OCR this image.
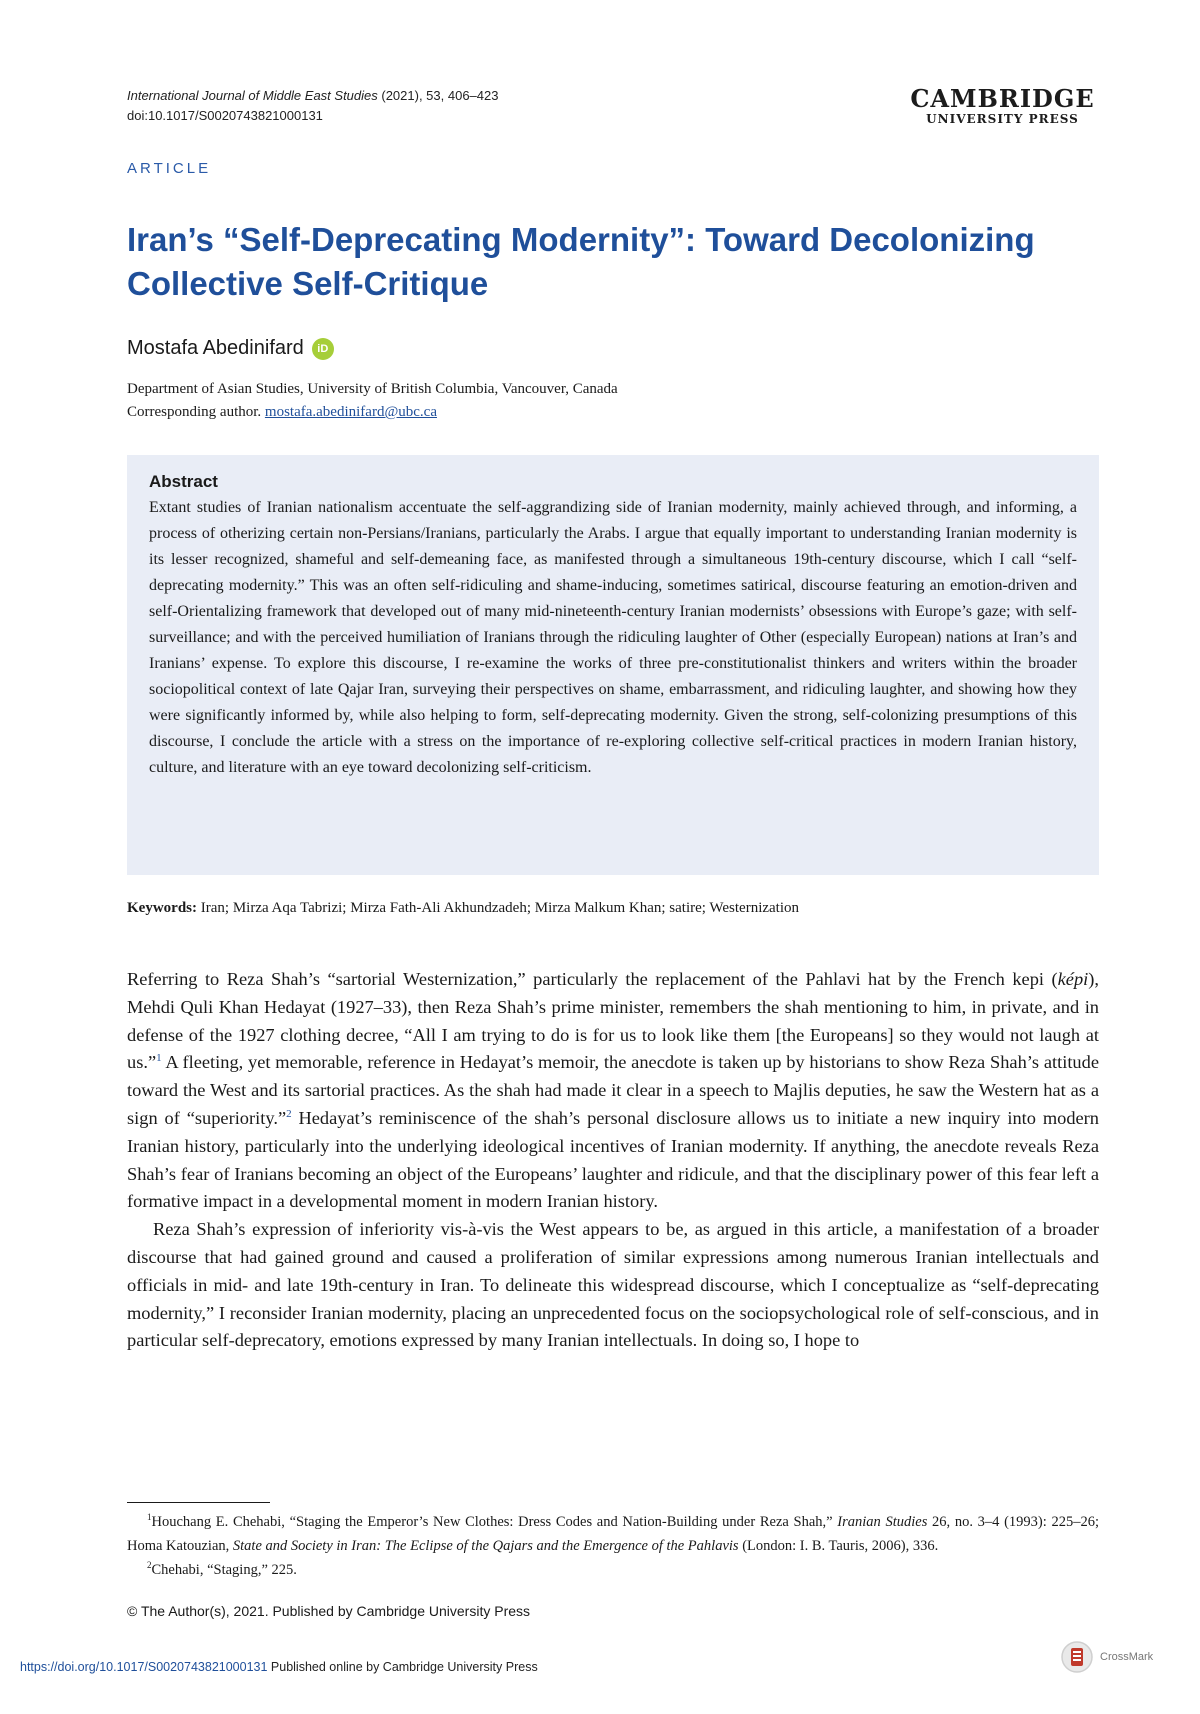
International Journal of Middle East Studies (2021), 53, 406–423
doi:10.1017/S0020743821000131
CAMBRIDGE
UNIVERSITY PRESS
ARTICLE
Iran’s “Self-Deprecating Modernity”: Toward Decolonizing Collective Self-Critique
Mostafa Abedinifard	iD
Department of Asian Studies, University of British Columbia, Vancouver, Canada
Corresponding author. mostafa.abedinifard@ubc.ca
Abstract

Extant studies of Iranian nationalism accentuate the self-aggrandizing side of Iranian modernity, mainly achieved through, and informing, a process of otherizing certain non-Persians/Iranians, particularly the Arabs. I argue that equally important to understanding Iranian modernity is its lesser recognized, shameful and self-demeaning face, as manifested through a simultaneous 19th-century discourse, which I call “self-deprecating modernity.” This was an often self-ridiculing and shame-inducing, sometimes satirical, discourse featuring an emotion-driven and self-Orientalizing framework that developed out of many mid-nineteenth-century Iranian modernists’ obsessions with Europe’s gaze; with self-surveillance; and with the perceived humiliation of Iranians through the ridiculing laughter of Other (especially European) nations at Iran’s and Iranians’ expense. To explore this discourse, I re-examine the works of three pre-constitutionalist thinkers and writers within the broader sociopolitical context of late Qajar Iran, surveying their perspectives on shame, embarrassment, and ridiculing laughter, and showing how they were significantly informed by, while also helping to form, self-deprecating modernity. Given the strong, self-colonizing presumptions of this discourse, I conclude the article with a stress on the importance of re-exploring collective self-critical practices in modern Iranian history, culture, and literature with an eye toward decolonizing self-criticism.

Keywords: Iran; Mirza Aqa Tabrizi; Mirza Fath-Ali Akhundzadeh; Mirza Malkum Khan; satire; Westernization

Referring to Reza Shah’s “sartorial Westernization,” particularly the replacement of the Pahlavi hat by the French kepi (képi), Mehdi Quli Khan Hedayat (1927–33), then Reza Shah’s prime minister, remembers the shah mentioning to him, in private, and in defense of the 1927 clothing decree, “All I am trying to do is for us to look like them [the Europeans] so they would not laugh at us.”$^1$ A fleeting, yet memorable, reference in Hedayat’s memoir, the anecdote is taken up by historians to show Reza Shah’s attitude toward the West and its sartorial practices. As the shah had made it clear in a speech to Majlis deputies, he saw the Western hat as a sign of “superiority.”$^2$ Hedayat’s reminiscence of the shah’s personal disclosure allows us to initiate a new inquiry into modern Iranian history, particularly into the underlying ideological incentives of Iranian modernity. If anything, the anecdote reveals Reza Shah’s fear of Iranians becoming an object of the Europeans’ laughter and ridicule, and that the disciplinary power of this fear left a formative impact in a developmental moment in modern Iranian history.

Reza Shah’s expression of inferiority vis-à-vis the West appears to be, as argued in this article, a manifestation of a broader discourse that had gained ground and caused a proliferation of similar expressions among numerous Iranian intellectuals and officials in mid- and late 19th-century in Iran. To delineate this widespread discourse, which I conceptualize as “self-deprecating modernity,” I reconsider Iranian modernity, placing an unprecedented focus on the sociopsychological role of self-conscious, and in particular self-deprecatory, emotions expressed by many Iranian intellectuals. In doing so, I hope to

$^1$Houchang E. Chehabi, “Staging the Emperor’s New Clothes: Dress Codes and Nation-Building under Reza Shah,” Iranian Studies 26, no. 3–4 (1993): 225–26; Homa Katouzian, State and Society in Iran: The Eclipse of the Qajars and the Emergence of the Pahlavis (London: I. B. Tauris, 2006), 336.

$^2$Chehabi, “Staging,” 225.

© The Author(s), 2021. Published by Cambridge University Press
https://doi.org/10.1017/S0020743821000131 Published online by Cambridge University Press
CrossMark
